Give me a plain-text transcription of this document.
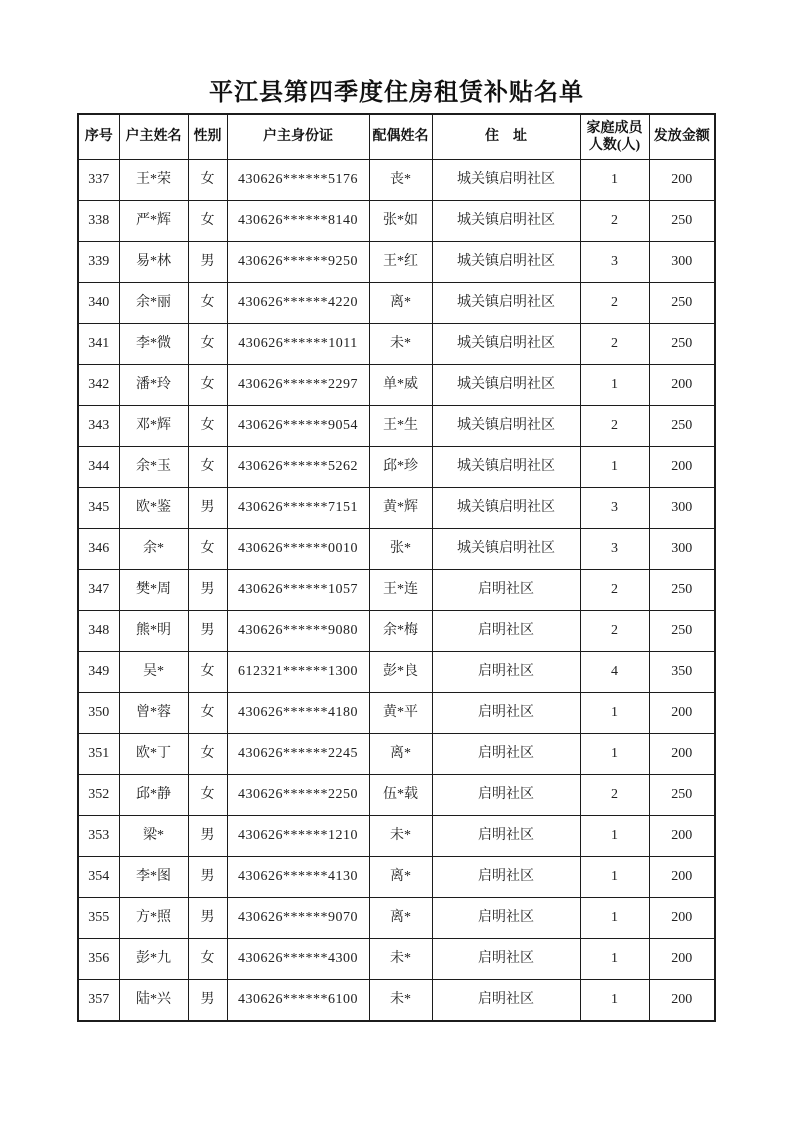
平江县第四季度住房租赁补贴名单
序号	户主姓名	性别	户主身份证	配偶姓名	住　址	家庭成员
人数(人)	发放金额
337	王*荣	女	430626******5176	丧*	城关镇启明社区	1	200
338	严*辉	女	430626******8140	张*如	城关镇启明社区	2	250
339	易*林	男	430626******9250	王*红	城关镇启明社区	3	300
340	余*丽	女	430626******4220	离*	城关镇启明社区	2	250
341	李*微	女	430626******1011	未*	城关镇启明社区	2	250
342	潘*玲	女	430626******2297	单*威	城关镇启明社区	1	200
343	邓*辉	女	430626******9054	王*生	城关镇启明社区	2	250
344	余*玉	女	430626******5262	邱*珍	城关镇启明社区	1	200
345	欧*鉴	男	430626******7151	黄*辉	城关镇启明社区	3	300
346	余*	女	430626******0010	张*	城关镇启明社区	3	300
347	樊*周	男	430626******1057	王*连	启明社区	2	250
348	熊*明	男	430626******9080	余*梅	启明社区	2	250
349	吴*	女	612321******1300	彭*良	启明社区	4	350
350	曾*蓉	女	430626******4180	黄*平	启明社区	1	200
351	欧*丁	女	430626******2245	离*	启明社区	1	200
352	邱*静	女	430626******2250	伍*载	启明社区	2	250
353	梁*	男	430626******1210	未*	启明社区	1	200
354	李*图	男	430626******4130	离*	启明社区	1	200
355	方*照	男	430626******9070	离*	启明社区	1	200
356	彭*九	女	430626******4300	未*	启明社区	1	200
357	陆*兴	男	430626******6100	未*	启明社区	1	200
